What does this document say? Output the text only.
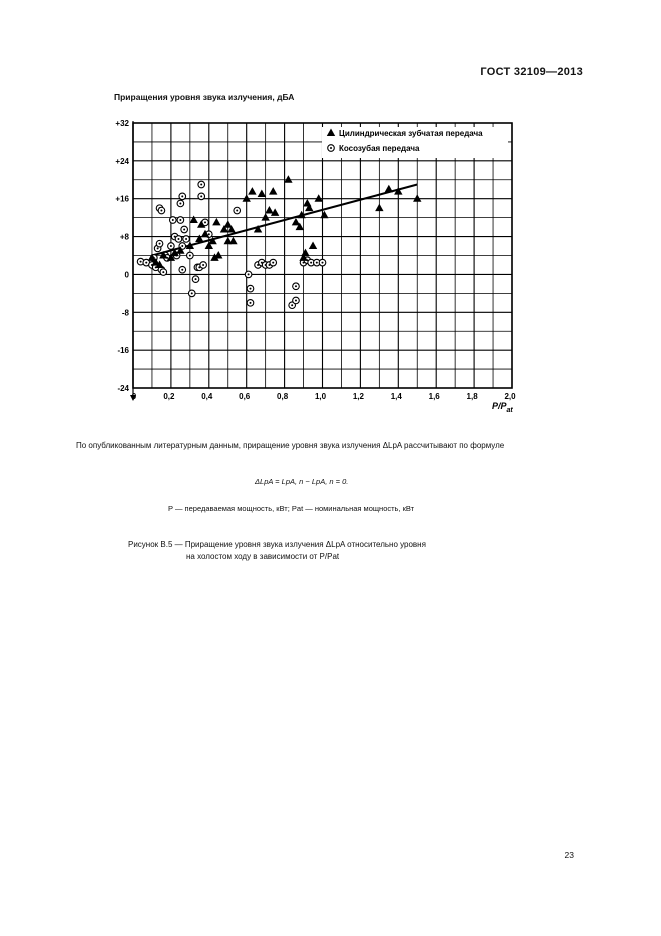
ГОСТ 32109—2013
Приращения уровня звука излучения, дБА
+32
+24
+16
+8
0
-8
-16
-24
0	0,2	0,4	0,6	0,8	1,0	1,2	1,4	1,6	1,8	2,0
$P/P_{at}$
Цилиндрическая зубчатая передача
Косозубая передача
По опубликованным литературным данным, приращение уровня звука излучения ΔLpA рассчитывают по формуле
ΔLpA = LpA, n − LpA, n = 0.
P — передаваемая мощность, кВт; Pat — номинальная мощность, кВт
Рисунок B.5 — Приращение уровня звука излучения ΔLpA относительно уровня
на холостом ходу в зависимости от P/Pat
23
